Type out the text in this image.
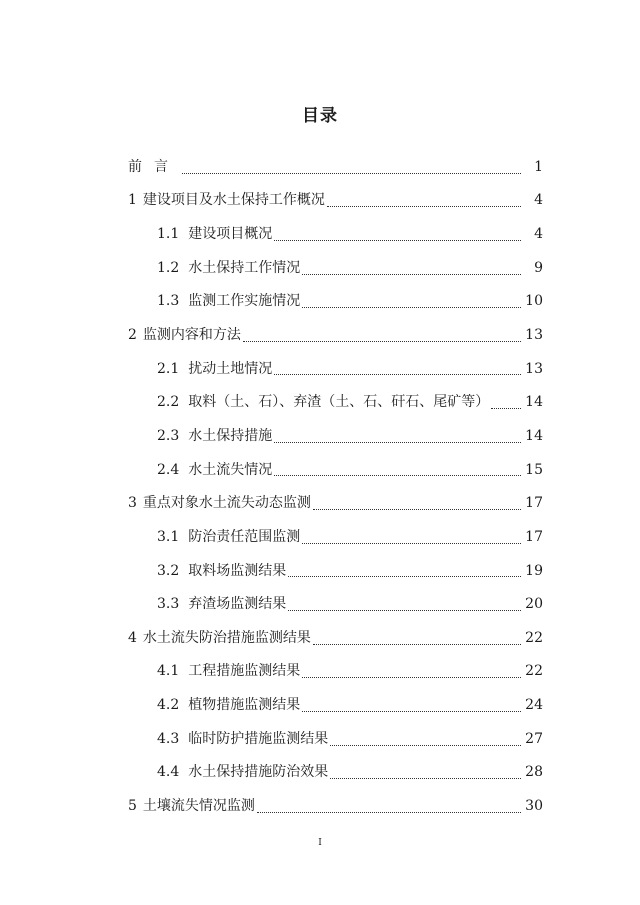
目录
前言	1
1 建设项目及水土保持工作概况	4
1.1 建设项目概况	4
1.2 水土保持工作情况	9
1.3 监测工作实施情况	10
2 监测内容和方法	13
2.1 扰动土地情况	13
2.2 取料（土、石）、弃渣（土、石、矸石、尾矿等）	14
2.3 水土保持措施	14
2.4 水土流失情况	15
3 重点对象水土流失动态监测	17
3.1 防治责任范围监测	17
3.2 取料场监测结果	19
3.3 弃渣场监测结果	20
4 水土流失防治措施监测结果	22
4.1 工程措施监测结果	22
4.2 植物措施监测结果	24
4.3 临时防护措施监测结果	27
4.4 水土保持措施防治效果	28
5 土壤流失情况监测	30
I
